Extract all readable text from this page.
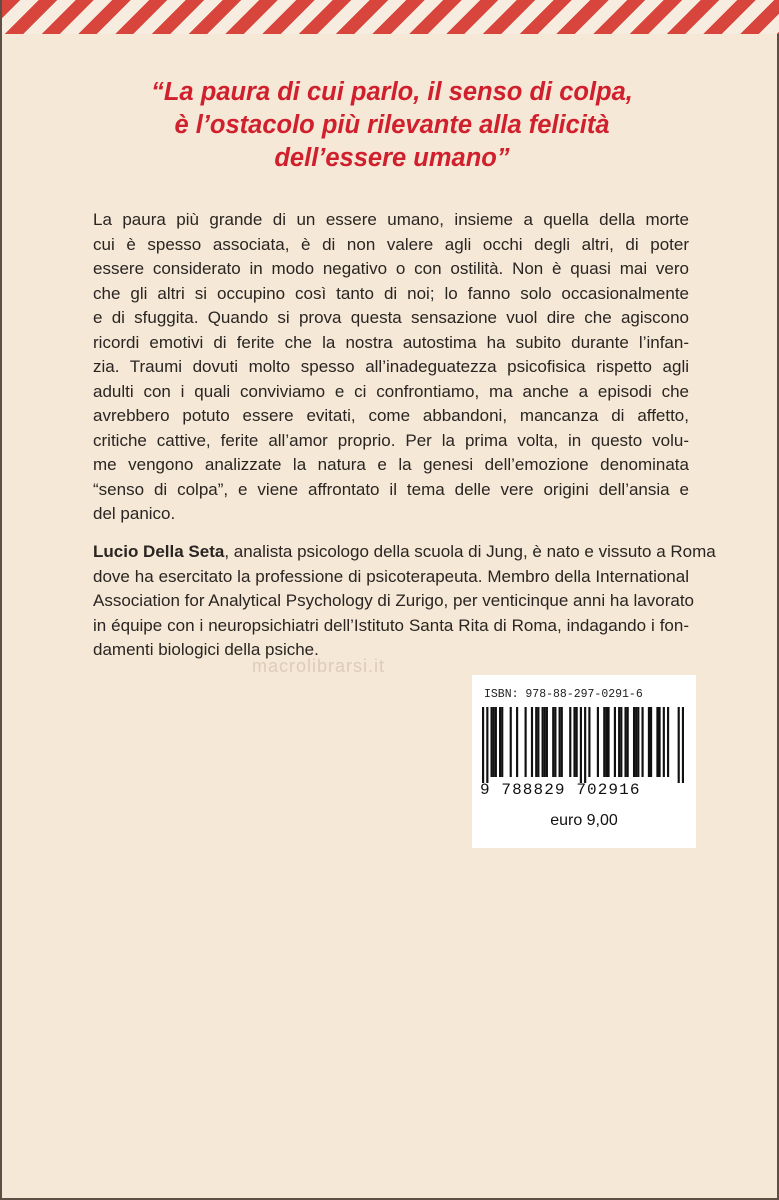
“La paura di cui parlo, il senso di colpa,
è l’ostacolo più rilevante alla felicità
dell’essere umano”
La paura più grande di un essere umano, insieme a quella della morte
cui è spesso associata, è di non valere agli occhi degli altri, di poter
essere considerato in modo negativo o con ostilità. Non è quasi mai vero
che gli altri si occupino così tanto di noi; lo fanno solo occasionalmente
e di sfuggita. Quando si prova questa sensazione vuol dire che agiscono
ricordi emotivi di ferite che la nostra autostima ha subito durante l’infan-
zia. Traumi dovuti molto spesso all’inadeguatezza psicofisica rispetto agli
adulti con i quali conviviamo e ci confrontiamo, ma anche a episodi che
avrebbero potuto essere evitati, come abbandoni, mancanza di affetto,
critiche cattive, ferite all’amor proprio. Per la prima volta, in questo volu-
me vengono analizzate la natura e la genesi dell’emozione denominata
“senso di colpa”, e viene affrontato il tema delle vere origini dell’ansia e
del panico.
Lucio Della Seta, analista psicologo della scuola di Jung, è nato e vissuto a Roma
dove ha esercitato la professione di psicoterapeuta. Membro della International
Association for Analytical Psychology di Zurigo, per venticinque anni ha lavorato
in équipe con i neuropsichiatri dell’Istituto Santa Rita di Roma, indagando i fon-
damenti biologici della psiche.
macrolibrarsi.it
ISBN: 978-88-297-0291-6
9 788829 702916
euro 9,00
